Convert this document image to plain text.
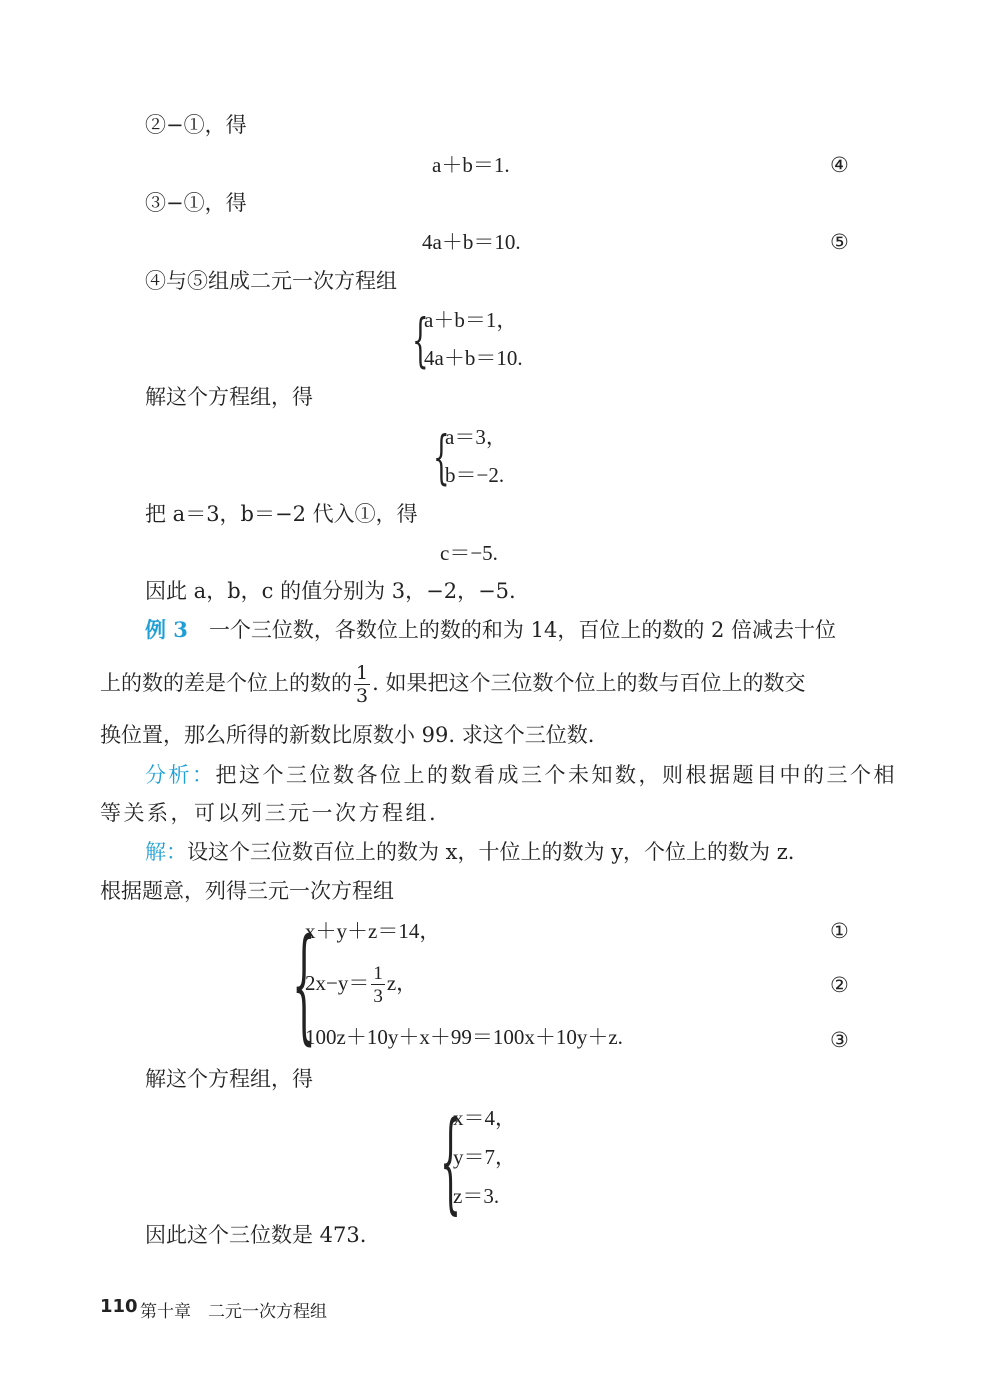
②−①，得
a＋b＝1.	④
③−①，得
4a＋b＝10.	⑤
④与⑤组成二元一次方程组
{
a＋b＝1，
4a＋b＝10.
解这个方程组，得
{
a＝3，
b＝−2.
把 a＝3，b＝−2 代入①，得
c＝−5.
因此 a，b，c 的值分别为 3，−2，−5.
例 3　 一个三位数，各数位上的数的和为 14，百位上的数的 2 倍减去十位
上的数的差是个位上的数的 $\frac{1}{3}$ . 如果把这个三位数个位上的数与百位上的数交
换位置，那么所得的新数比原数小 99. 求这个三位数.
分析：把这个三位数各位上的数看成三个未知数，则根据题目中的三个相
等关系，可以列三元一次方程组.
解：设这个三位数百位上的数为 x，十位上的数为 y，个位上的数为 z.
根据题意，列得三元一次方程组
{
x＋y＋z＝14，	①
$2x-y= \frac{1}{3}$ z，	②
100z＋10y＋x＋99＝100x＋10y＋z.	③
解这个方程组，得
{
x＝4，
y＝7，
z＝3.
因此这个三位数是 473.
110 第十章　二元一次方程组
